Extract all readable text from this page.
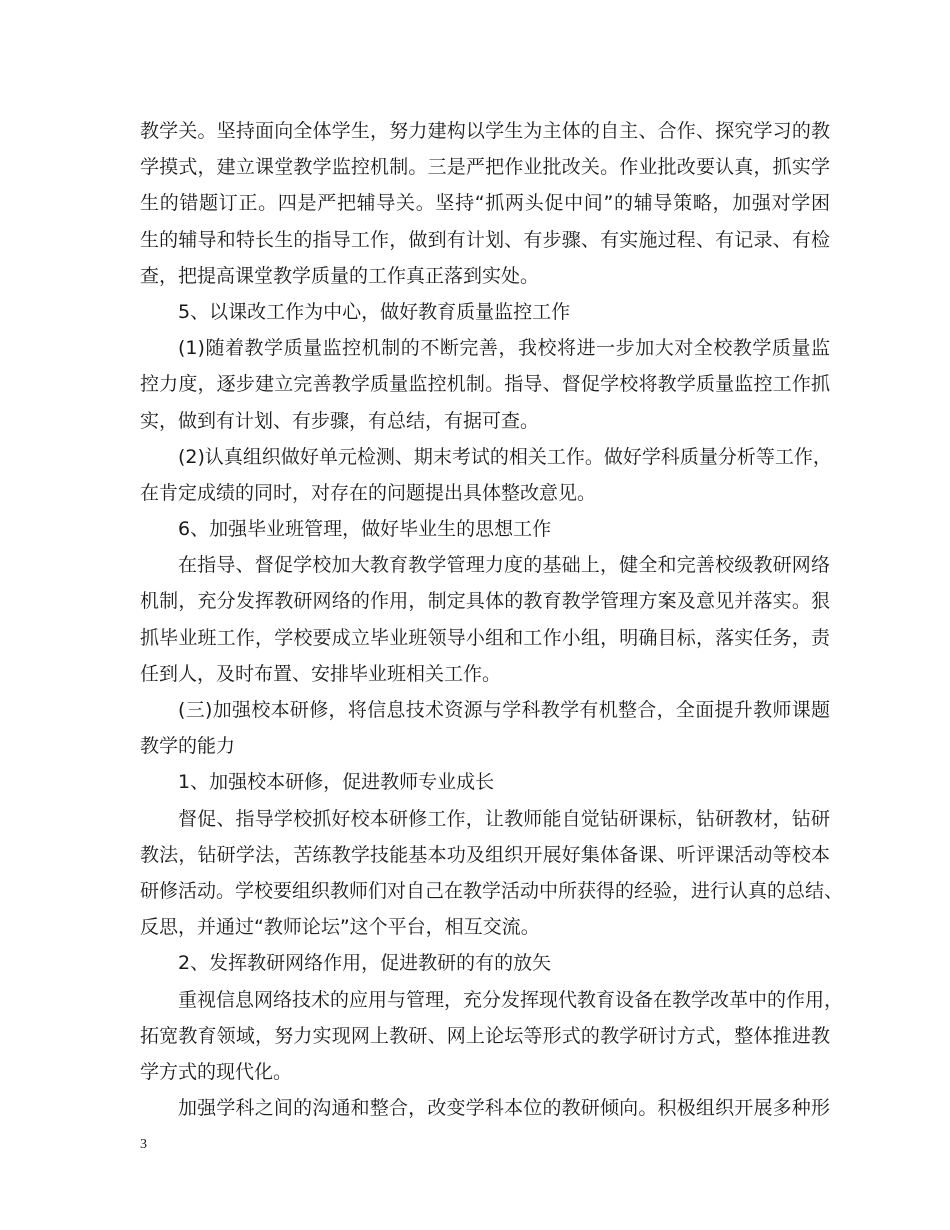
教学关。坚持面向全体学生，努力建构以学生为主体的自主、合作、探究学习的教
学摸式，建立课堂教学监控机制。三是严把作业批改关。作业批改要认真，抓实学
生的错题订正。四是严把辅导关。坚持“抓两头促中间”的辅导策略，加强对学困
生的辅导和特长生的指导工作，做到有计划、有步骤、有实施过程、有记录、有检
查，把提高课堂教学质量的工作真正落到实处。
5、以课改工作为中心，做好教育质量监控工作
(1)随着教学质量监控机制的不断完善，我校将进一步加大对全校教学质量监
控力度，逐步建立完善教学质量监控机制。指导、督促学校将教学质量监控工作抓
实，做到有计划、有步骤，有总结，有据可查。
(2)认真组织做好单元检测、期末考试的相关工作。做好学科质量分析等工作，
在肯定成绩的同时，对存在的问题提出具体整改意见。
6、加强毕业班管理，做好毕业生的思想工作
在指导、督促学校加大教育教学管理力度的基础上，健全和完善校级教研网络
机制，充分发挥教研网络的作用，制定具体的教育教学管理方案及意见并落实。狠
抓毕业班工作，学校要成立毕业班领导小组和工作小组，明确目标，落实任务，责
任到人，及时布置、安排毕业班相关工作。
(三)加强校本研修，将信息技术资源与学科教学有机整合，全面提升教师课题
教学的能力
1、加强校本研修，促进教师专业成长
督促、指导学校抓好校本研修工作，让教师能自觉钻研课标，钻研教材，钻研
教法，钻研学法，苦练教学技能基本功及组织开展好集体备课、听评课活动等校本
研修活动。学校要组织教师们对自己在教学活动中所获得的经验，进行认真的总结、
反思，并通过“教师论坛”这个平台，相互交流。
2、发挥教研网络作用，促进教研的有的放矢
重视信息网络技术的应用与管理，充分发挥现代教育设备在教学改革中的作用，
拓宽教育领域，努力实现网上教研、网上论坛等形式的教学研讨方式，整体推进教
学方式的现代化。
加强学科之间的沟通和整合，改变学科本位的教研倾向。积极组织开展多种形
3
